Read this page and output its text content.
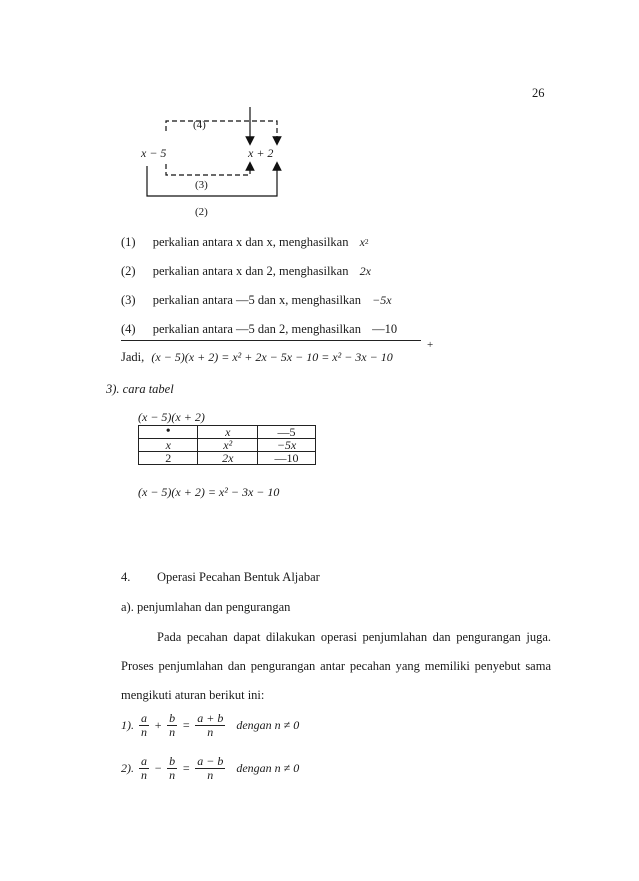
26
(4)
x − 5	x + 2
(3)
(2)
(1) perkalian antara x dan x, menghasilkan $x^2$
(2) perkalian antara x dan 2, menghasilkan 2x
(3) perkalian antara —5 dan x, menghasilkan −5x
(4) perkalian antara —5 dan 2, menghasilkan —10
+
Jadi, (x − 5)(x + 2) = x² + 2x − 5x − 10 = x² − 3x − 10
3). cara tabel
(x − 5)(x + 2)
•	x	—5
x	x²	−5x
2	2x	—10
(x − 5)(x + 2) = x² − 3x − 10
4. Operasi Pecahan Bentuk Aljabar
a). penjumlahan dan pengurangan
Pada pecahan dapat dilakukan operasi penjumlahan dan pengurangan juga.
Proses penjumlahan dan pengurangan antar pecahan yang memiliki penyebut sama
mengikuti aturan berikut ini:
1). $\frac{a}{n} + \frac{b}{n} = \frac{a + b}{n}$ dengan n ≠ 0
2). $\frac{a}{n} - \frac{b}{n} = \frac{a - b}{n}$ dengan n ≠ 0
